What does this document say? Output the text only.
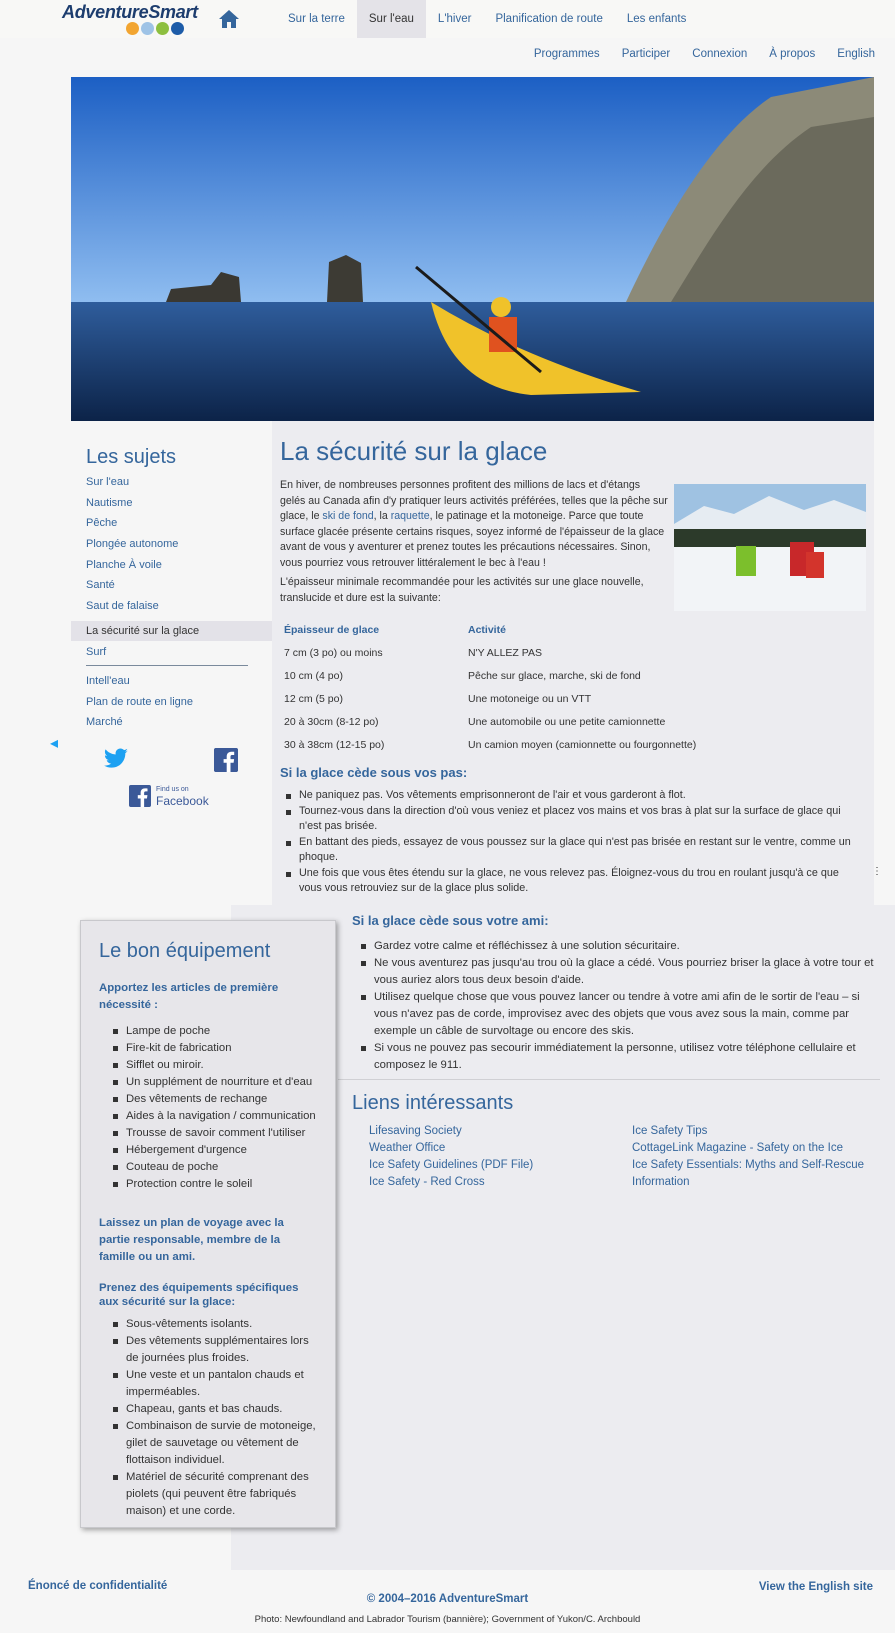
AdventureSmart	Sur la terre	Sur l'eau	L'hiver	Planification de route	Les enfants
Programmes	Participer	Connexion	À propos	English
Les sujets
Sur l'eau
Nautisme
Pêche
Plongée autonome
Planche À voile
Santé
Saut de falaise
La sécurité sur la glace
Surf
Intell'eau
Plan de route en ligne
Marché
◂
Find us on
Facebook
La sécurité sur la glace

En hiver, de nombreuses personnes profitent des millions de lacs et d'étangs gelés au Canada afin d'y pratiquer leurs activités préférées, telles que la pêche sur glace, le ski de fond, la raquette, le patinage et la motoneige. Parce que toute surface glacée présente certains risques, soyez informé de l'épaisseur de la glace avant de vous y aventurer et prenez toutes les précautions nécessaires. Sinon, vous pourriez vous retrouver littéralement le bec à l'eau !

L'épaisseur minimale recommandée pour les activités sur une glace nouvelle, translucide et dure est la suivante:

Épaisseur de glace	Activité
7 cm (3 po) ou moins	N'Y ALLEZ PAS
10 cm (4 po)	Pêche sur glace, marche, ski de fond
12 cm (5 po)	Une motoneige ou un VTT
20 à 30cm (8-12 po)	Une automobile ou une petite camionnette
30 à 38cm (12-15 po)	Un camion moyen (camionnette ou fourgonnette)
Si la glace cède sous vos pas:
Ne paniquez pas. Vos vêtements emprisonneront de l'air et vous garderont à flot.
Tournez-vous dans la direction d'où vous veniez et placez vos mains et vos bras à plat sur la surface de glace qui n'est pas brisée.
En battant des pieds, essayez de vous poussez sur la glace qui n'est pas brisée en restant sur le ventre, comme un phoque.
Une fois que vous êtes étendu sur la glace, ne vous relevez pas. Éloignez-vous du trou en roulant jusqu'à ce que vous vous retrouviez sur de la glace plus solide.
⋮
Si la glace cède sous votre ami:
Gardez votre calme et réfléchissez à une solution sécuritaire.
Ne vous aventurez pas jusqu'au trou où la glace a cédé. Vous pourriez briser la glace à votre tour et vous auriez alors tous deux besoin d'aide.
Utilisez quelque chose que vous pouvez lancer ou tendre à votre ami afin de le sortir de l'eau – si vous n'avez pas de corde, improvisez avec des objets que vous avez sous la main, comme par exemple un câble de survoltage ou encore des skis.
Si vous ne pouvez pas secourir immédiatement la personne, utilisez votre téléphone cellulaire et composez le 911.
Liens intéressants
Lifesaving Society
Weather Office
Ice Safety Guidelines (PDF File)
Ice Safety - Red Cross
Ice Safety Tips
CottageLink Magazine - Safety on the Ice
Ice Safety Essentials: Myths and Self-Rescue Information
Le bon équipement
Apportez les articles de première nécessité :
Lampe de poche
Fire-kit de fabrication
Sifflet ou miroir.
Un supplément de nourriture et d'eau
Des vêtements de rechange
Aides à la navigation / communication
Trousse de savoir comment l'utiliser
Hébergement d'urgence
Couteau de poche
Protection contre le soleil
Laissez un plan de voyage avec la partie responsable, membre de la famille ou un ami.
Prenez des équipements spécifiques aux sécurité sur la glace:
Sous-vêtements isolants.
Des vêtements supplémentaires lors de journées plus froides.
Une veste et un pantalon chauds et imperméables.
Chapeau, gants et bas chauds.
Combinaison de survie de motoneige, gilet de sauvetage ou vêtement de flottaison individuel.
Matériel de sécurité comprenant des piolets (qui peuvent être fabriqués maison) et une corde.
Énoncé de confidentialité
© 2004–2016 AdventureSmart
View the English site
Photo: Newfoundland and Labrador Tourism (bannière); Government of Yukon/C. Archbould
